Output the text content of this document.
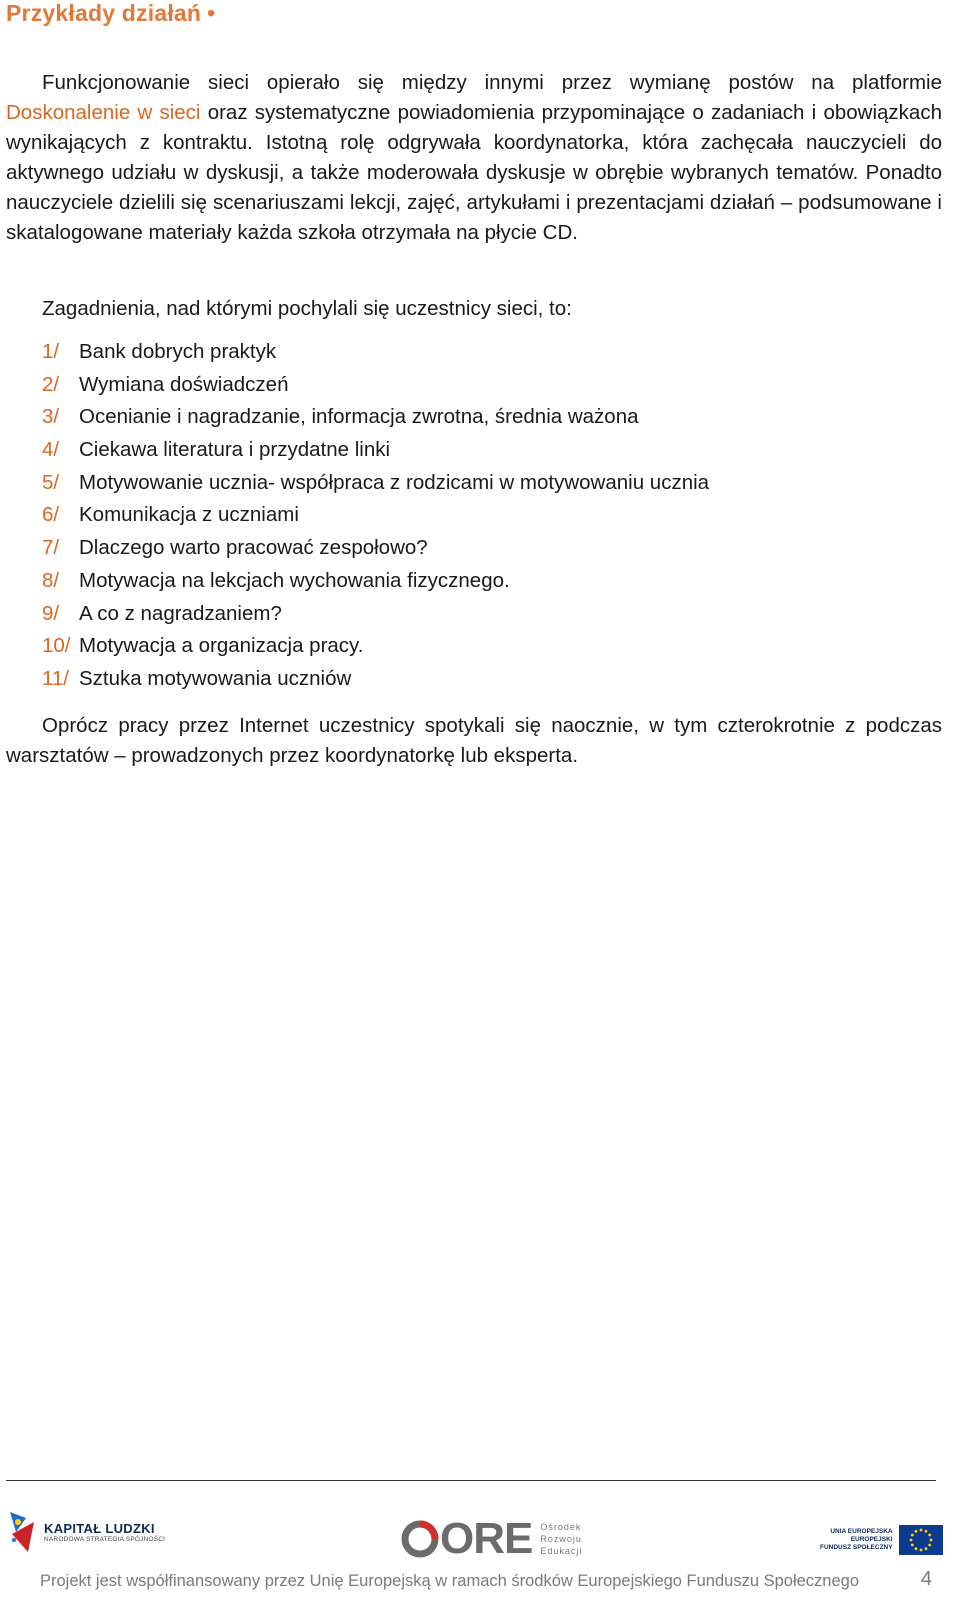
Przykłady działań •

Funkcjonowanie sieci opierało się między innymi przez wymianę postów na platformie Doskonalenie w sieci oraz systematyczne powiadomienia przypominające o zadaniach i obowiązkach wynikających z kontraktu. Istotną rolę odgrywała koordynatorka, która zachęcała nauczycieli do aktywnego udziału w dyskusji, a także moderowała dyskusje w obrębie wybranych tematów. Ponadto nauczyciele dzielili się scenariuszami lekcji, zajęć, artykułami i prezentacjami działań – podsumowane i skatalogowane materiały każda szkoła otrzymała na płycie CD.

Zagadnienia, nad którymi pochylali się uczestnicy sieci, to:
1/ Bank dobrych praktyk
2/ Wymiana doświadczeń
3/ Ocenianie i nagradzanie, informacja zwrotna, średnia ważona
4/ Ciekawa literatura i przydatne linki
5/ Motywowanie ucznia- współpraca z rodzicami w motywowaniu ucznia
6/ Komunikacja z uczniami
7/ Dlaczego warto pracować zespołowo?
8/ Motywacja na lekcjach wychowania fizycznego.
9/ A co z nagradzaniem?
10/ Motywacja a organizacja pracy.
11/ Sztuka motywowania uczniów

Oprócz pracy przez Internet uczestnicy spotykali się naocznie, w tym czterokrotnie z podczas warsztatów – prowadzonych przez koordynatorkę lub eksperta.

KAPITAŁ LUDZKI
NARODOWA STRATEGIA SPÓJNOŚCI	ORE Ośrodek
Rozwoju
Edukacji
UNIA EUROPEJSKA
EUROPEJSKI
FUNDUSZ SPOŁECZNY
Projekt jest współfinansowany przez Unię Europejską w ramach środków Europejskiego Funduszu Społecznego	4
